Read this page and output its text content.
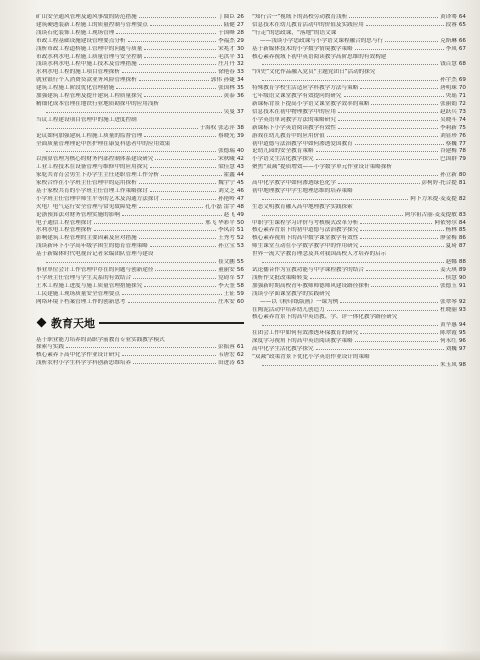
矿山安全通风管理及通风事故的防范措施	丁圆臣 26
建筑硬透装新工程施工的质量控制与管理要点	陆健 27
浅谈石化装饰工程施工现场管理	于国峰 28
市政工程基础设施建设管理要点分析	李福杰 29
浅析市政工程道桥施工管理中的问题与质量	宋兆才 30
市政水利水电工程施工质量管理与安全控制	毛洪平 31
浅谈水利水电工程中施工技术及管理措施	庄月丹 32
水利水电工程的施工项目管理探析	徐艳春 33
就业银行个人消费贷款业务风险管理探析	郭伟 孙婕 34
建筑工程施工阶段优化管理措施	张国林 35
加强建筑工程管理及提升建筑工程质量探究	黄泰 36
精细化成本管理在地铁行业地质勘探中的应用浅析
吴曼 37
当议工程建设项目管理中的施工进度控制
于海权 张志萍 38
论议如何加强建筑工程施工质量的监督管理	蔡晓光 39
全面质量管理理论中医护理在康复科患者中的应用效果
张德瑞 40
以预算管理为核心的财务内部控制体系建设研究	宋秋曦 42
工业工程技术在设备管理与维修中的应用探究	梁佳慧 43
家乾共青育会男生下办学生主任述职管理工作分析	霍鑫 44
家校合作在小学班主任管理中的运用探析	魏宇宁 45
基于家校共育的小学班主任管理工作策略探讨	刘文芝 46
小学班主任管理中师生平等的艺术及沟通方法探讨	孙艳岭 47
火电厂电气运行安全管理与常见故障处理	孔小磊 雷宇 48
论浙预算法对财务管理实施的影响	赵飞 49
电子通信工程管理探讨	邢飞 华彩平 50
水利水电工程管理探析	李凤岩 51
影响建筑工程管理的主要因素及应对措施	王秀考 52
浅谈新环下小学高年级学困生的德育管理策略	孙立宝 53
基于新媒体时代电视台记者采编团队管理与建设
崔文鹏 55
事业单位会计工作管理中存在的问题与创新途径	董丽安 56
小学班主任管理与学生关系的有效结合	党碍军 57
土木工程施工进度与施工质量管理措施探究	李天奎 58
工民建施工现场质量安全管理要点	王征 59
网络环境下档案管理工作的创新思考	庄木安 60
教育天地
基于职业能力培养的高职学前教育专业实践教学模式
探索与实践	彭振蓉 61
核心素养下高中化学作业设计研究	韦唐宏 62
浅析农村小学生科学学科创新思维培养	田进涛 63
“知行合一”视域下的高校劳动教育浅析	黄译骞 64
信息技术在幼儿教育活动中的价值及实践应用	段睿 65
“行走”的思政课，“落地”的语文课
——浅谈小学思政课与小学语文课程融合的思与行	克斯琳 66
基于新媒体技术的小学数学情境教学策略	李凤 67
核心素养视域下初中英语阅读教学高阶思维的有效构建
钱百慧 68
“四史”文化作品融入党员“主题党团日”活动的探究
孙宇杰 69
特殊教育学校生活适应学科教学方法与策略	唐明珠 70
七年级语文课堂教学有效提问的研究	央瑶 71
新课标背景下提高小学语文课堂教学效率的策略	张丽娟 72
信息技术在初中物理教学中的应用	赵跃兵 73
小学英语单词教学方法的策略研究	吴晓斗 74
新课标下小学英语阅读教学有效性	李莉新 75
游戏在幼儿教育中的应用价值	刘显珍 76
初中道德与法治教学中如何渗透爱国教育	蔡巍 77
论幼儿园的安全教育策略	谷建梅 78
小学语文生活化教学探究	巴国群 79
聚焦“双减”提质增效——小学数学单元作业设计策略探析
孙立新 80
高中化学教学中如何渗透绿色化学	彭柯婷·托合提 81
初中地理教学中学生地理思维的培养策略
阿卜力米提·麦麦提 82
生态文明教育融入高中地理教学实践探索
阿尔祖古丽·麦麦提敏 83
中职学生课程学习评价与考核模式改革分析	阿依努尔 84
核心素养背景下的初中道德与法治教学探究	杨林 85
核心素养视角下的高中数学课堂教学有效性	廖金梅 86
师生课堂互动在小学数学教学中的作用研究	夏琦 87
世界一流大学教育理念及其对我国高校人才培养的启示
赵娜 88
试论播音作为宣教功能与中学课程教学的结合	姜天琪 89
浅析作文批改策略转变	侯慧 90
加强新时期高校青年教师师德师风建设路径探析	张德玉 91
浅谈小学面课堂教学的实践研究
——以《粉印纸版画》一课为例	张翠琴 92
在陶泥活动中培养幼儿创造力	杜晓丽 93
核心素养背景下的高中英语教、学、评一体化教学路径研究
黄辛惠 94
在团会工作中如何有效渗透环保教育的研究	陈翠霞 95
深度学习视角下的高中英语阅读教学策略	何永红 96
高中化学生活化教学探究	刘巍 97
“双减”政策背景下优化小学英语作业设计的策略
朱玉凤 98
